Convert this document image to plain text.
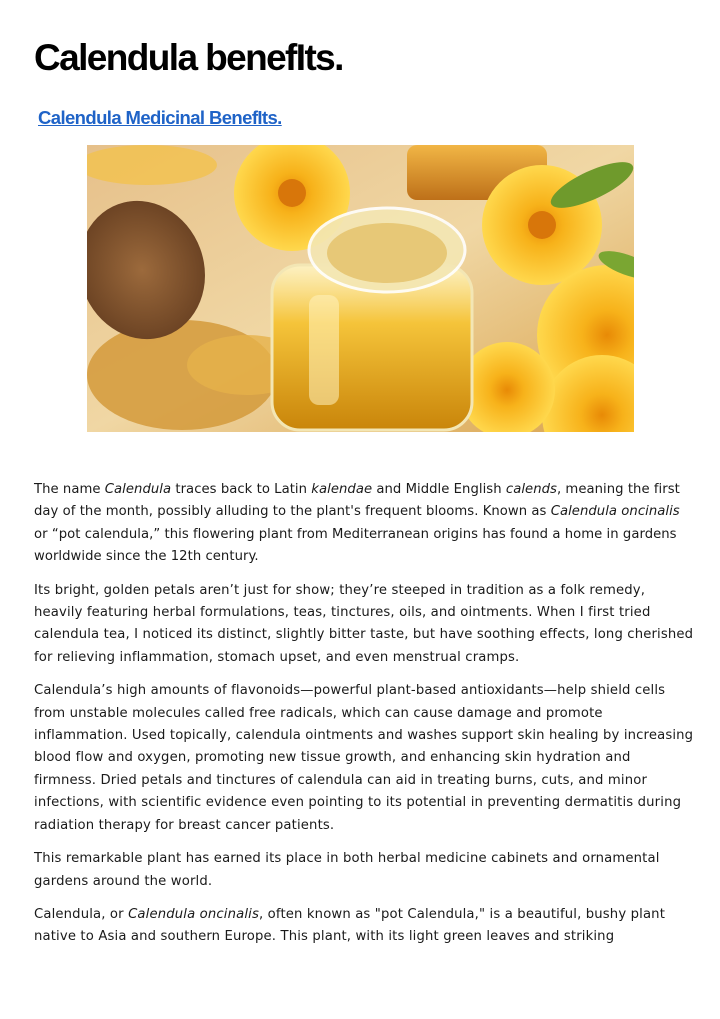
Calendula benefIts.
Calendula Medicinal BenefIts.

The name Calendula traces back to Latin kalendae and Middle English calends, meaning the first day of the month, possibly alluding to the plant's frequent blooms. Known as Calendula oncinalis or “pot calendula,” this flowering plant from Mediterranean origins has found a home in gardens worldwide since the 12th century.

Its bright, golden petals aren’t just for show; they’re steeped in tradition as a folk remedy, heavily featuring herbal formulations, teas, tinctures, oils, and ointments. When I first tried calendula tea, I noticed its distinct, slightly bitter taste, but have soothing effects, long cherished for relieving inflammation, stomach upset, and even menstrual cramps.

Calendula’s high amounts of flavonoids—powerful plant-based antioxidants—help shield cells from unstable molecules called free radicals, which can cause damage and promote inflammation. Used topically, calendula ointments and washes support skin healing by increasing blood flow and oxygen, promoting new tissue growth, and enhancing skin hydration and firmness. Dried petals and tinctures of calendula can aid in treating burns, cuts, and minor infections, with scientific evidence even pointing to its potential in preventing dermatitis during radiation therapy for breast cancer patients.

This remarkable plant has earned its place in both herbal medicine cabinets and ornamental gardens around the world.

Calendula, or Calendula oncinalis, often known as "pot Calendula," is a beautiful, bushy plant native to Asia and southern Europe. This plant, with its light green leaves and striking
